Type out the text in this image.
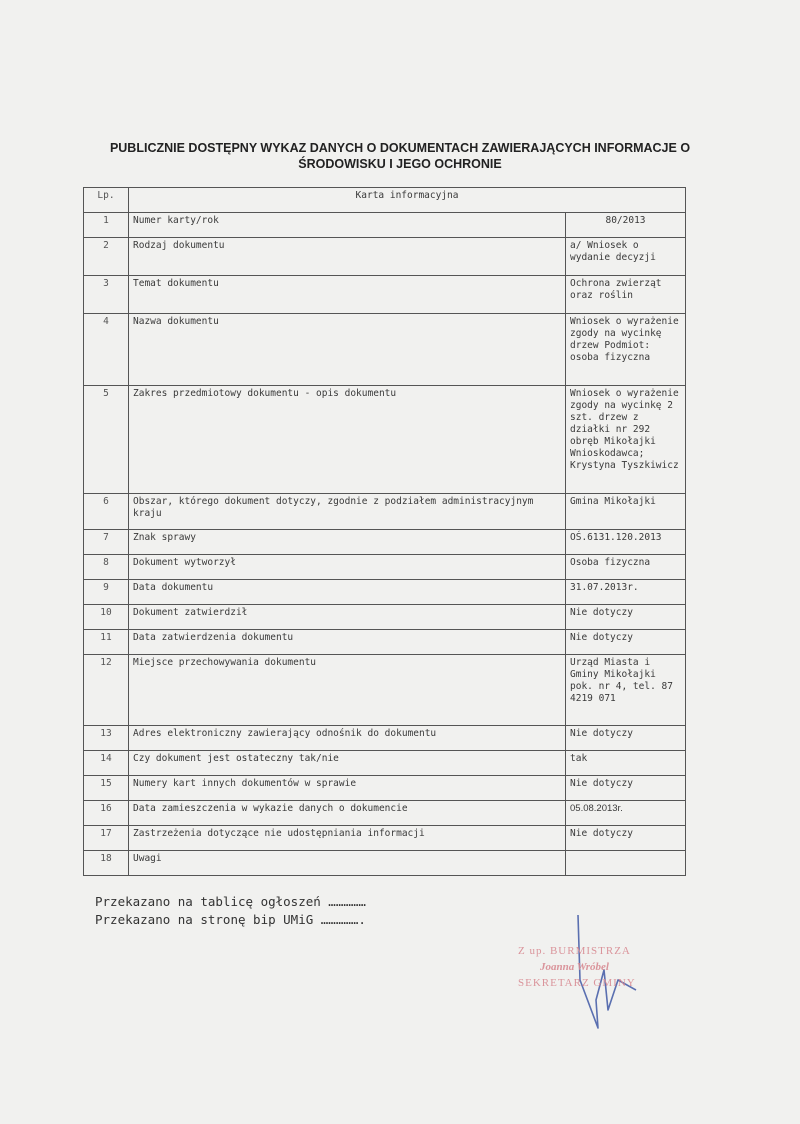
PUBLICZNIE DOSTĘPNY WYKAZ DANYCH O DOKUMENTACH ZAWIERAJĄCYCH INFORMACJE O
ŚRODOWISKU I JEGO OCHRONIE
Lp.	Karta informacyjna	
1	Numer karty/rok	80/2013
2	Rodzaj dokumentu	a/ Wniosek o wydanie decyzji
3	Temat dokumentu	Ochrona zwierząt oraz roślin
4	Nazwa dokumentu	Wniosek o wyrażenie zgody na wycinkę drzew Podmiot: osoba fizyczna
5	Zakres przedmiotowy dokumentu - opis dokumentu	Wniosek o wyrażenie zgody na wycinkę 2 szt. drzew z działki nr 292 obręb Mikołajki Wnioskodawca; Krystyna Tyszkiwicz
6	Obszar, którego dokument dotyczy, zgodnie z podziałem administracyjnym kraju	Gmina Mikołajki
7	Znak sprawy	OŚ.6131.120.2013
8	Dokument wytworzył	Osoba fizyczna
9	Data dokumentu	31.07.2013r.
10	Dokument zatwierdził	Nie dotyczy
11	Data zatwierdzenia dokumentu	Nie dotyczy
12	Miejsce przechowywania dokumentu	Urząd Miasta i Gminy Mikołajki pok. nr 4, tel. 87 4219 071
13	Adres elektroniczny zawierający odnośnik do dokumentu	Nie dotyczy
14	Czy dokument jest ostateczny tak/nie	tak
15	Numery kart innych dokumentów w sprawie	Nie dotyczy
16	Data zamieszczenia w wykazie danych o dokumencie	05.08.2013r.
17	Zastrzeżenia dotyczące nie udostępniania informacji	Nie dotyczy
18	Uwagi	
Przekazano na tablicę ogłoszeń ……………
Przekazano na stronę bip UMiG …………….
Z up. BURMISTRZA
Joanna Wróbel
SEKRETARZ GMINY
